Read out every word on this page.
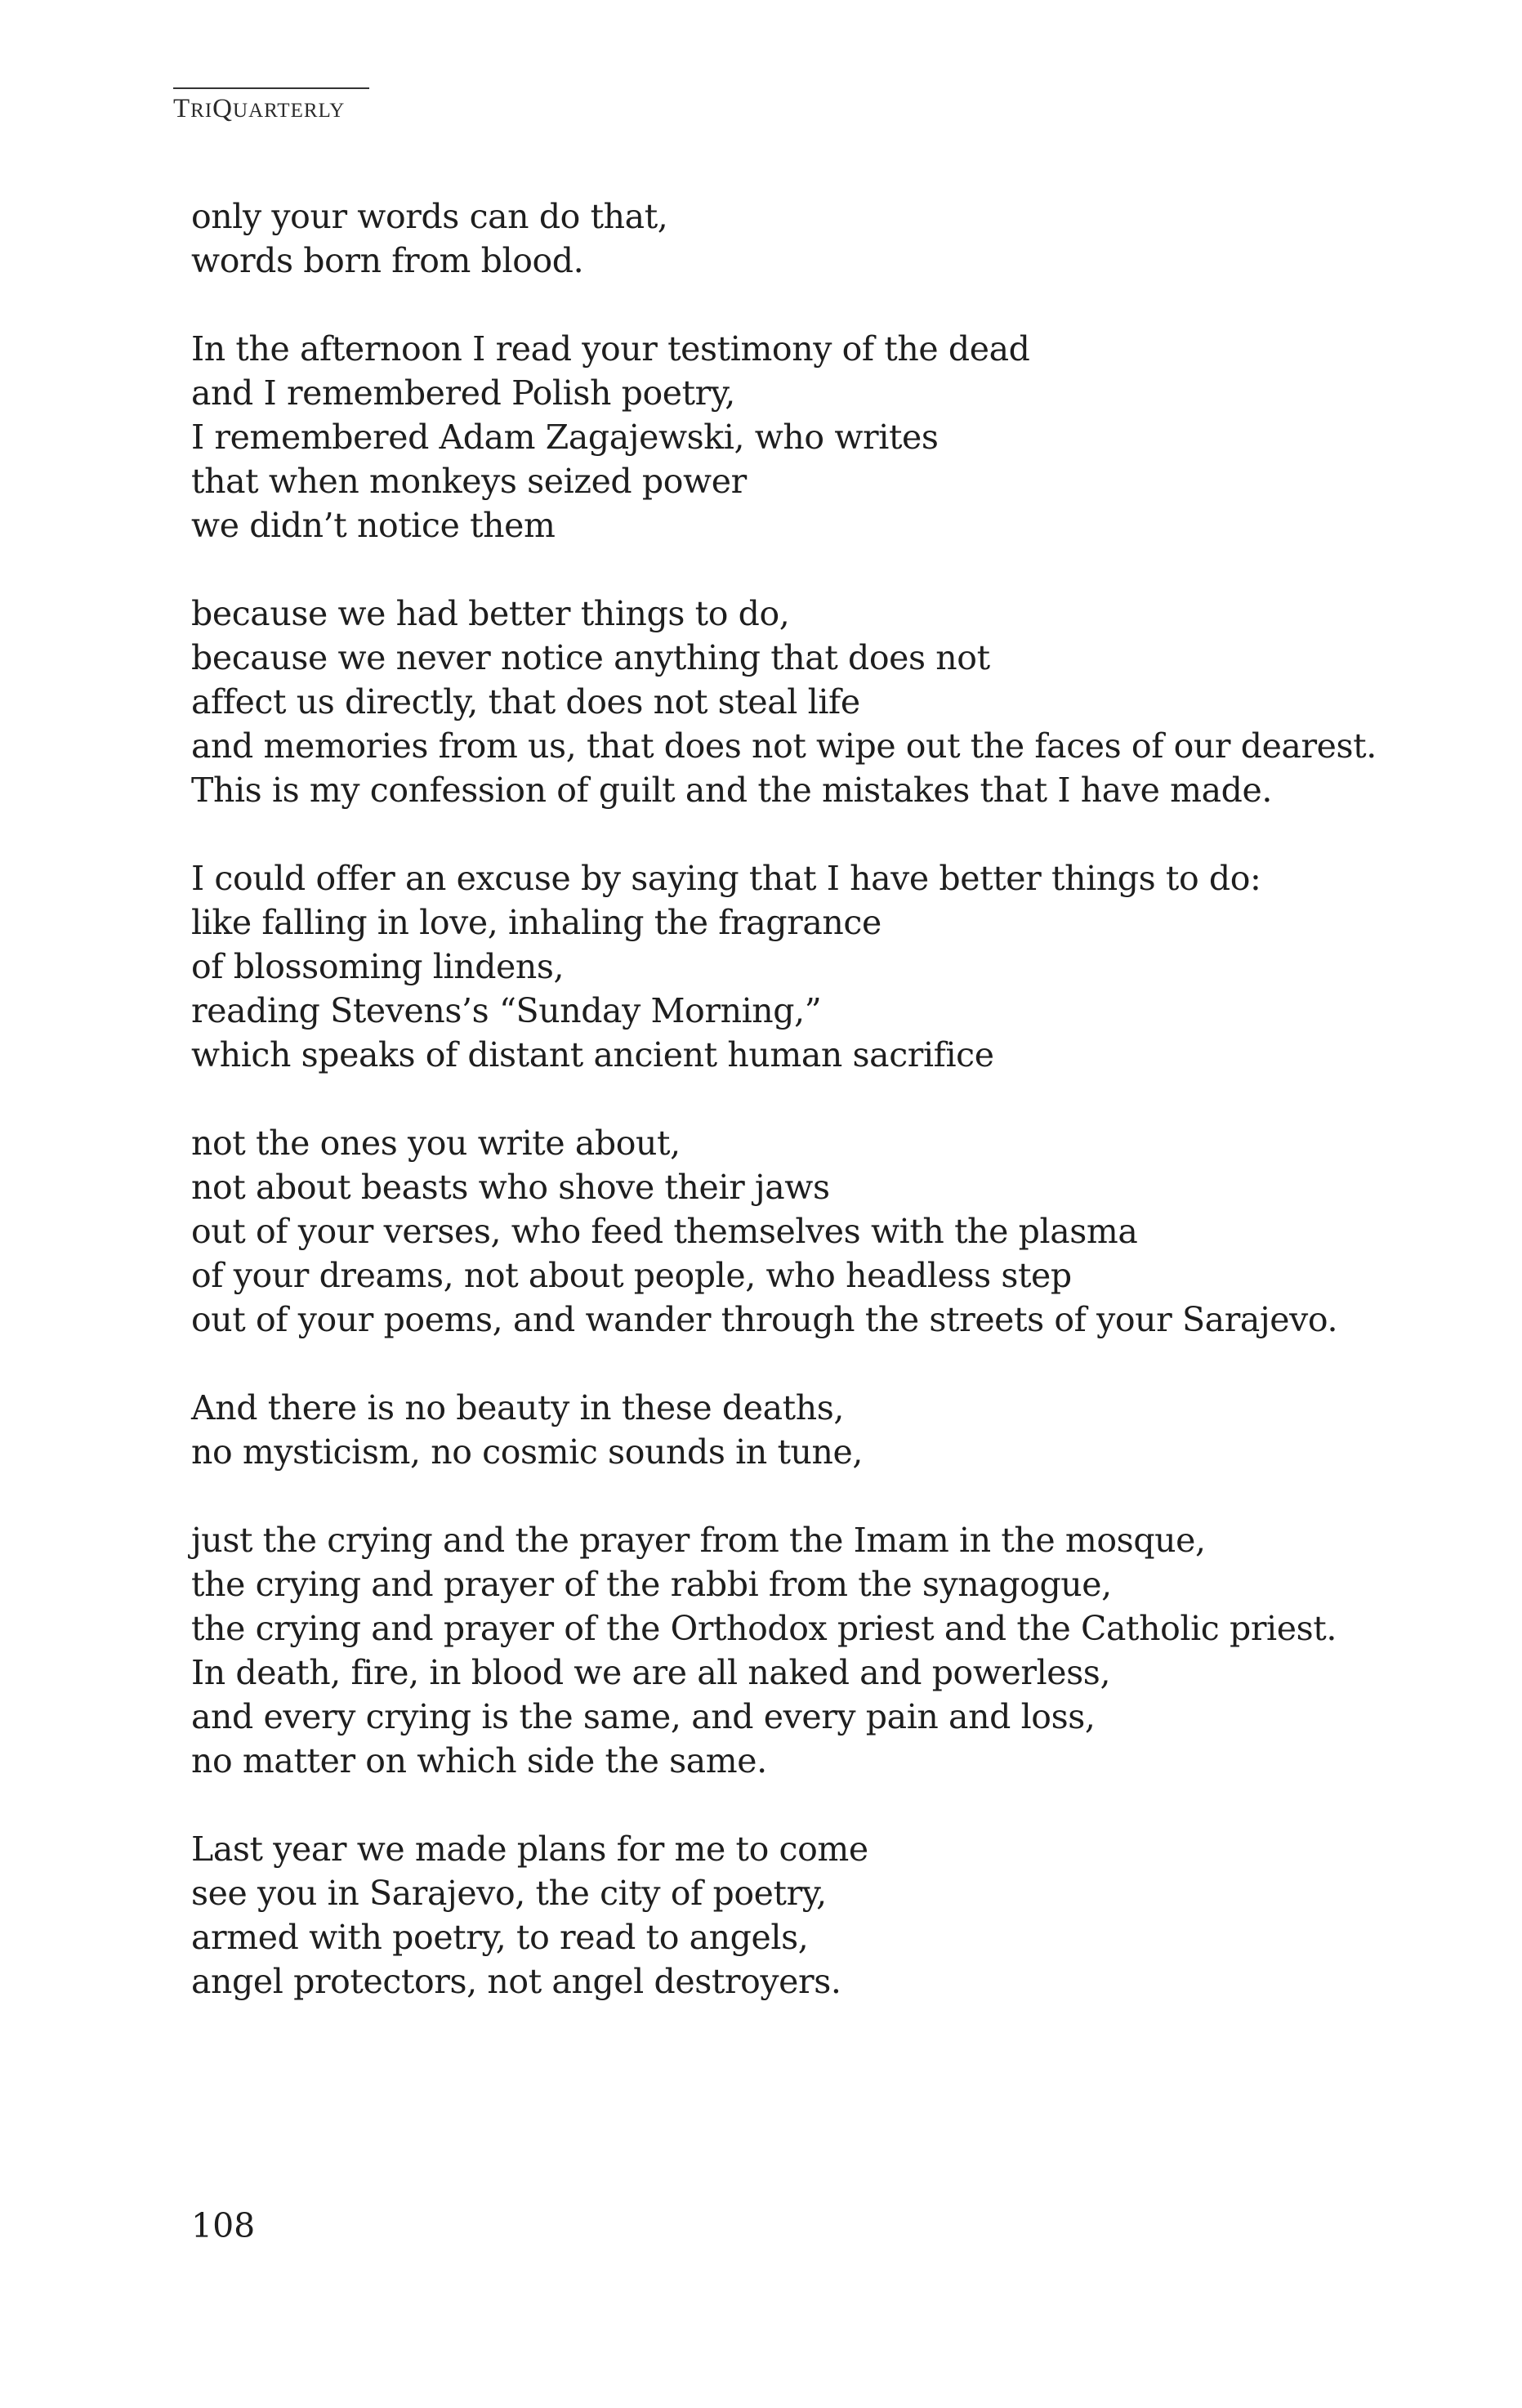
TRIQUARTERLY
only your words can do that,
words born from blood.
In the afternoon I read your testimony of the dead
and I remembered Polish poetry,
I remembered Adam Zagajewski, who writes
that when monkeys seized power
we didn’t notice them
because we had better things to do,
because we never notice anything that does not
affect us directly, that does not steal life
and memories from us, that does not wipe out the faces of our dearest.
This is my confession of guilt and the mistakes that I have made.
I could offer an excuse by saying that I have better things to do:
like falling in love, inhaling the fragrance
of blossoming lindens,
reading Stevens’s “Sunday Morning,”
which speaks of distant ancient human sacrifice
not the ones you write about,
not about beasts who shove their jaws
out of your verses, who feed themselves with the plasma
of your dreams, not about people, who headless step
out of your poems, and wander through the streets of your Sarajevo.
And there is no beauty in these deaths,
no mysticism, no cosmic sounds in tune,
just the crying and the prayer from the Imam in the mosque,
the crying and prayer of the rabbi from the synagogue,
the crying and prayer of the Orthodox priest and the Catholic priest.
In death, fire, in blood we are all naked and powerless,
and every crying is the same, and every pain and loss,
no matter on which side the same.
Last year we made plans for me to come
see you in Sarajevo, the city of poetry,
armed with poetry, to read to angels,
angel protectors, not angel destroyers.
108
